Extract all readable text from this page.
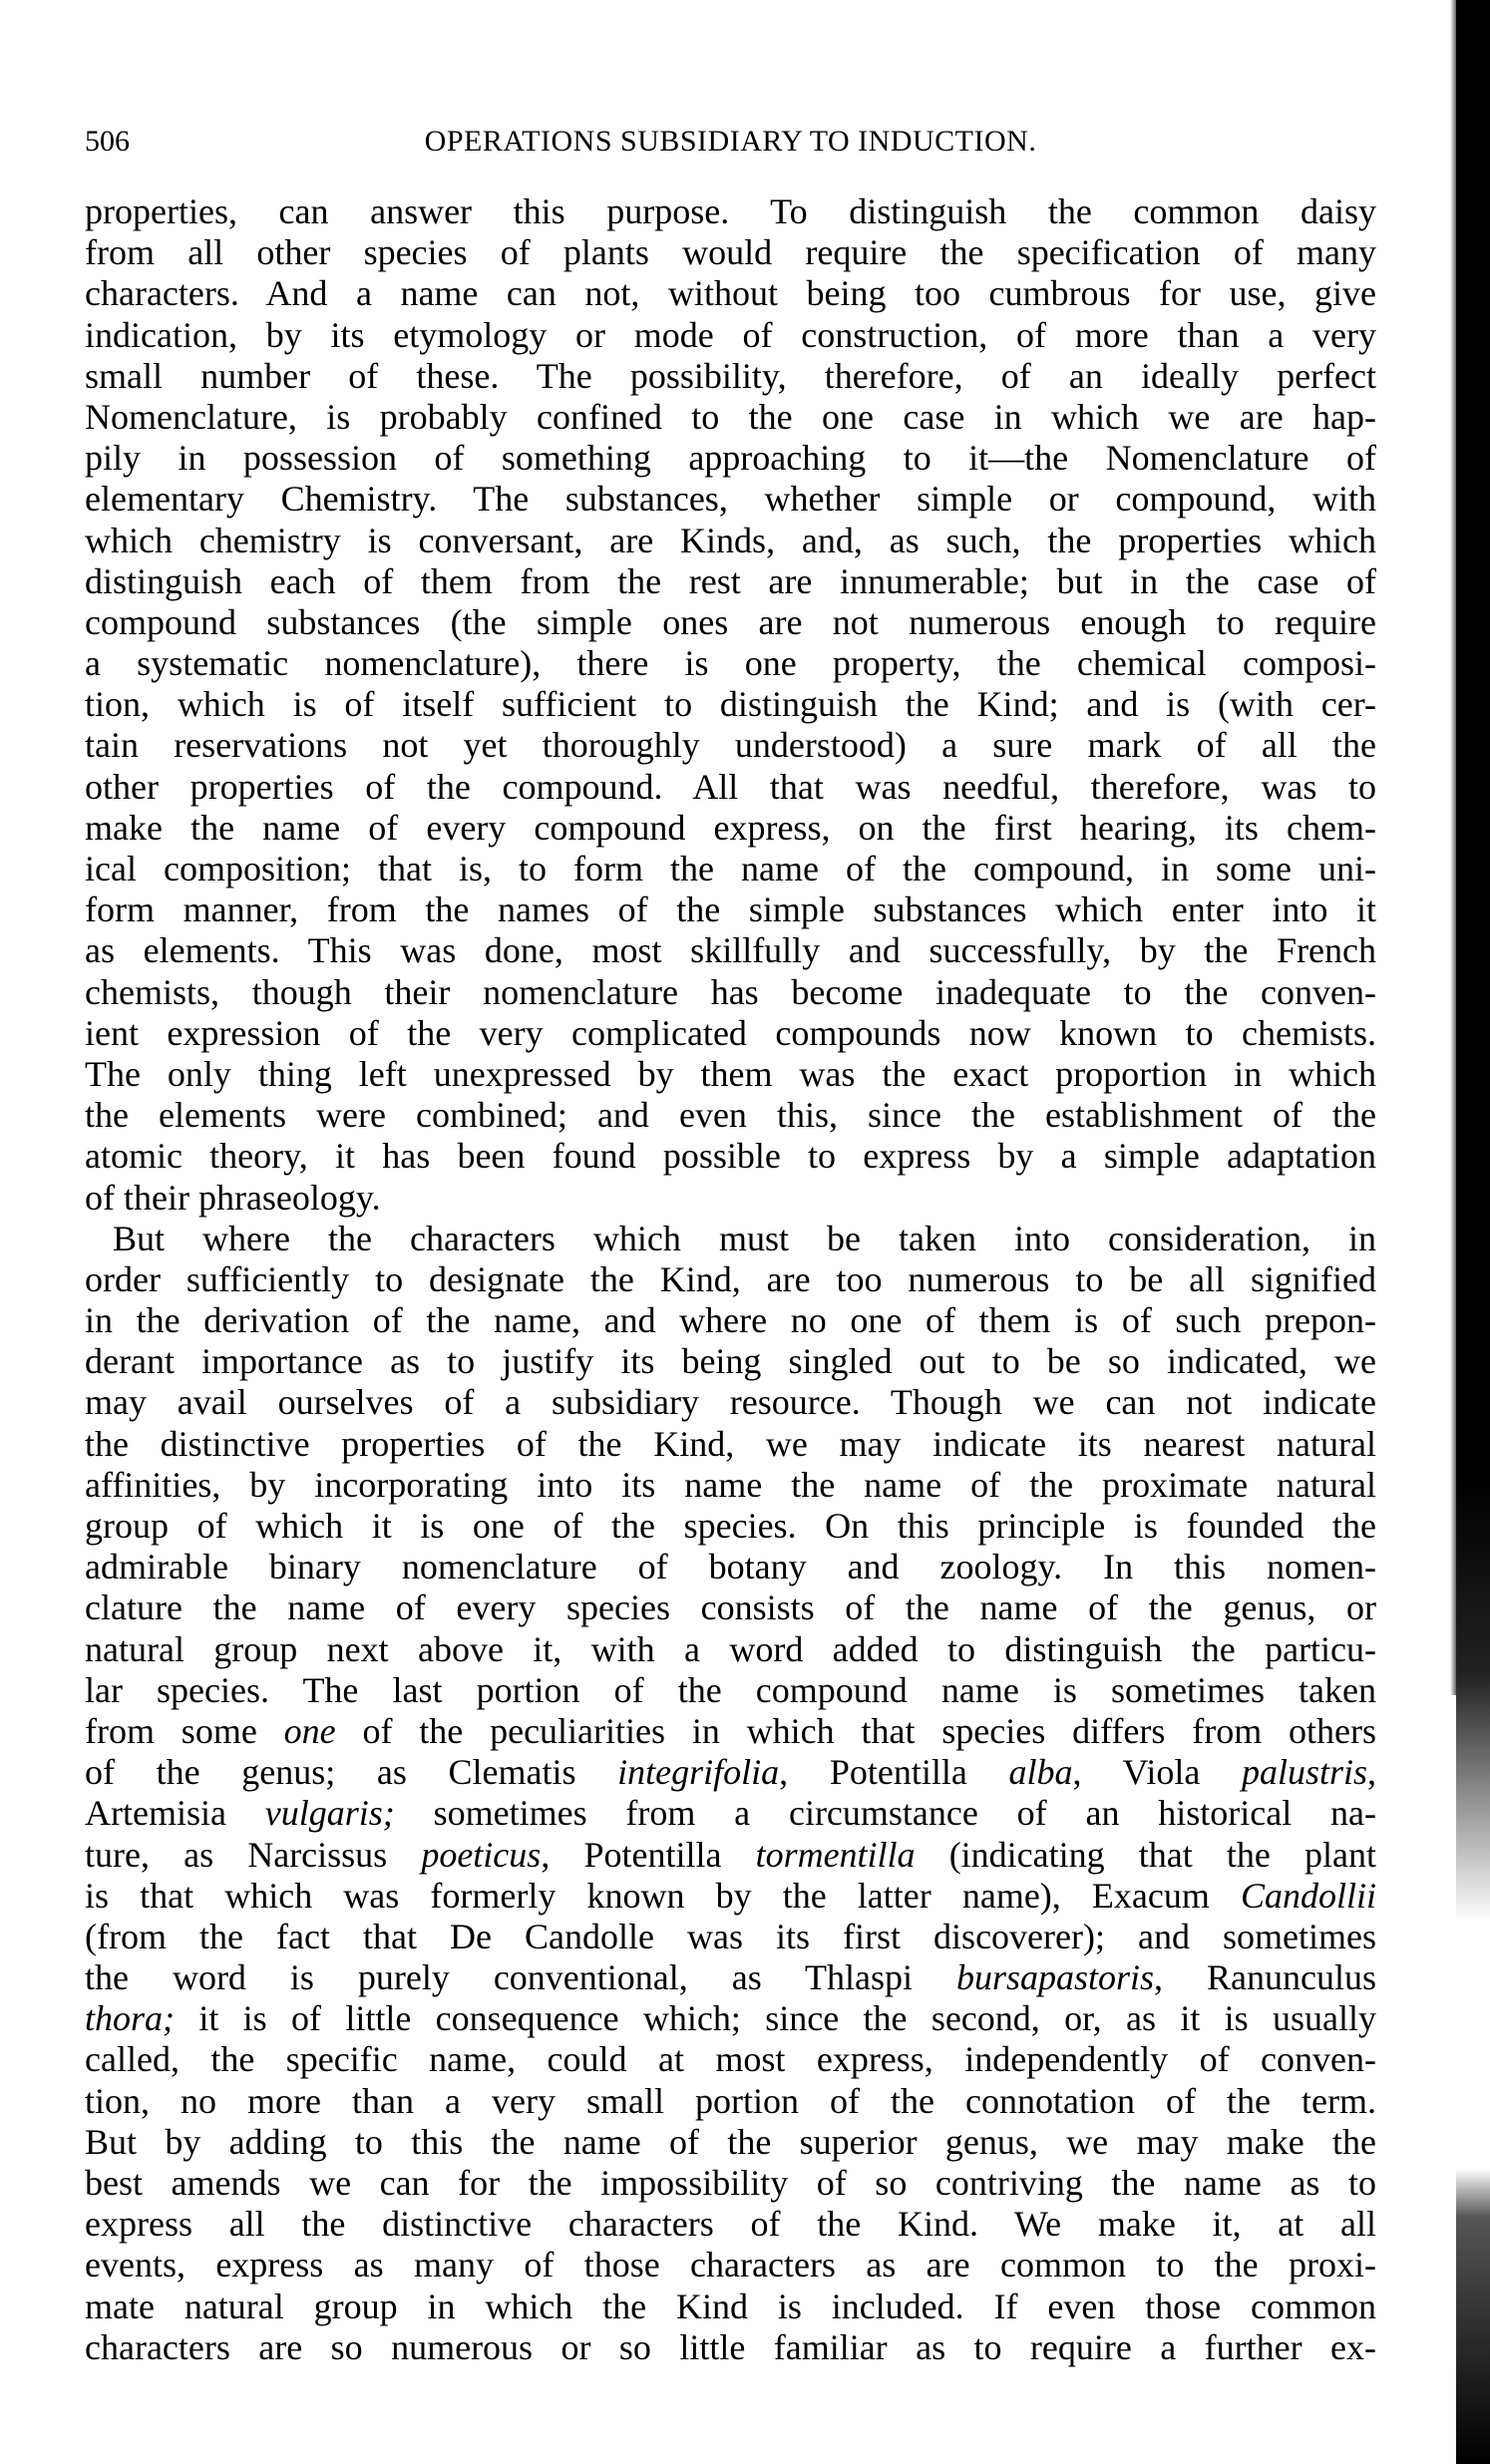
506	OPERATIONS SUBSIDIARY TO INDUCTION.
properties, can answer this purpose. To distinguish the common daisy
from all other species of plants would require the specification of many
characters. And a name can not, without being too cumbrous for use, give
indication, by its etymology or mode of construction, of more than a very
small number of these. The possibility, therefore, of an ideally perfect
Nomenclature, is probably confined to the one case in which we are hap-
pily in possession of something approaching to it—the Nomenclature of
elementary Chemistry. The substances, whether simple or compound, with
which chemistry is conversant, are Kinds, and, as such, the properties which
distinguish each of them from the rest are innumerable; but in the case of
compound substances (the simple ones are not numerous enough to require
a systematic nomenclature), there is one property, the chemical composi-
tion, which is of itself sufficient to distinguish the Kind; and is (with cer-
tain reservations not yet thoroughly understood) a sure mark of all the
other properties of the compound. All that was needful, therefore, was to
make the name of every compound express, on the first hearing, its chem-
ical composition; that is, to form the name of the compound, in some uni-
form manner, from the names of the simple substances which enter into it
as elements. This was done, most skillfully and successfully, by the French
chemists, though their nomenclature has become inadequate to the conven-
ient expression of the very complicated compounds now known to chemists.
The only thing left unexpressed by them was the exact proportion in which
the elements were combined; and even this, since the establishment of the
atomic theory, it has been found possible to express by a simple adaptation
of their phraseology.
But where the characters which must be taken into consideration, in
order sufficiently to designate the Kind, are too numerous to be all signified
in the derivation of the name, and where no one of them is of such prepon-
derant importance as to justify its being singled out to be so indicated, we
may avail ourselves of a subsidiary resource. Though we can not indicate
the distinctive properties of the Kind, we may indicate its nearest natural
affinities, by incorporating into its name the name of the proximate natural
group of which it is one of the species. On this principle is founded the
admirable binary nomenclature of botany and zoology. In this nomen-
clature the name of every species consists of the name of the genus, or
natural group next above it, with a word added to distinguish the particu-
lar species. The last portion of the compound name is sometimes taken
from some one of the peculiarities in which that species differs from others
of the genus; as Clematis integrifolia, Potentilla alba, Viola palustris,
Artemisia vulgaris; sometimes from a circumstance of an historical na-
ture, as Narcissus poeticus, Potentilla tormentilla (indicating that the plant
is that which was formerly known by the latter name), Exacum Candollii
(from the fact that De Candolle was its first discoverer); and sometimes
the word is purely conventional, as Thlaspi bursapastoris, Ranunculus
thora; it is of little consequence which; since the second, or, as it is usually
called, the specific name, could at most express, independently of conven-
tion, no more than a very small portion of the connotation of the term.
But by adding to this the name of the superior genus, we may make the
best amends we can for the impossibility of so contriving the name as to
express all the distinctive characters of the Kind. We make it, at all
events, express as many of those characters as are common to the proxi-
mate natural group in which the Kind is included. If even those common
characters are so numerous or so little familiar as to require a further ex-
